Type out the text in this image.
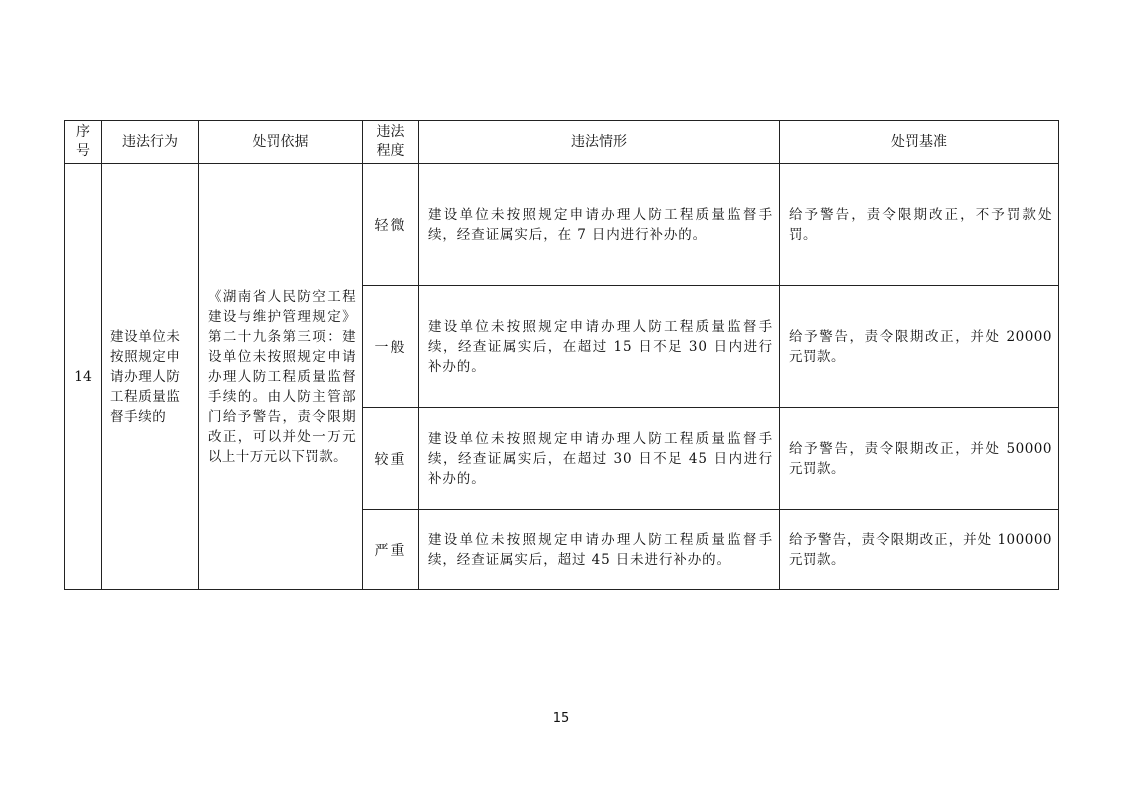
序号	违法行为	处罚依据	违法程度	违法情形	处罚基准
14	建设单位未按照规定申请办理人防工程质量监督手续的	《湖南省人民防空工程建设与维护管理规定》第二十九条第三项：建设单位未按照规定申请办理人防工程质量监督手续的。由人防主管部门给予警告，责令限期改正，可以并处一万元以上十万元以下罚款。	轻微	建设单位未按照规定申请办理人防工程质量监督手续，经查证属实后，在 7 日内进行补办的。	给予警告，责令限期改正，不予罚款处罚。
			一般	建设单位未按照规定申请办理人防工程质量监督手续，经查证属实后，在超过 15 日不足 30 日内进行补办的。	给予警告，责令限期改正，并处 20000 元罚款。
			较重	建设单位未按照规定申请办理人防工程质量监督手续，经查证属实后，在超过 30 日不足 45 日内进行补办的。	给予警告，责令限期改正，并处 50000 元罚款。
			严重	建设单位未按照规定申请办理人防工程质量监督手续，经查证属实后，超过 45 日未进行补办的。	给予警告，责令限期改正，并处 100000 元罚款。
15
